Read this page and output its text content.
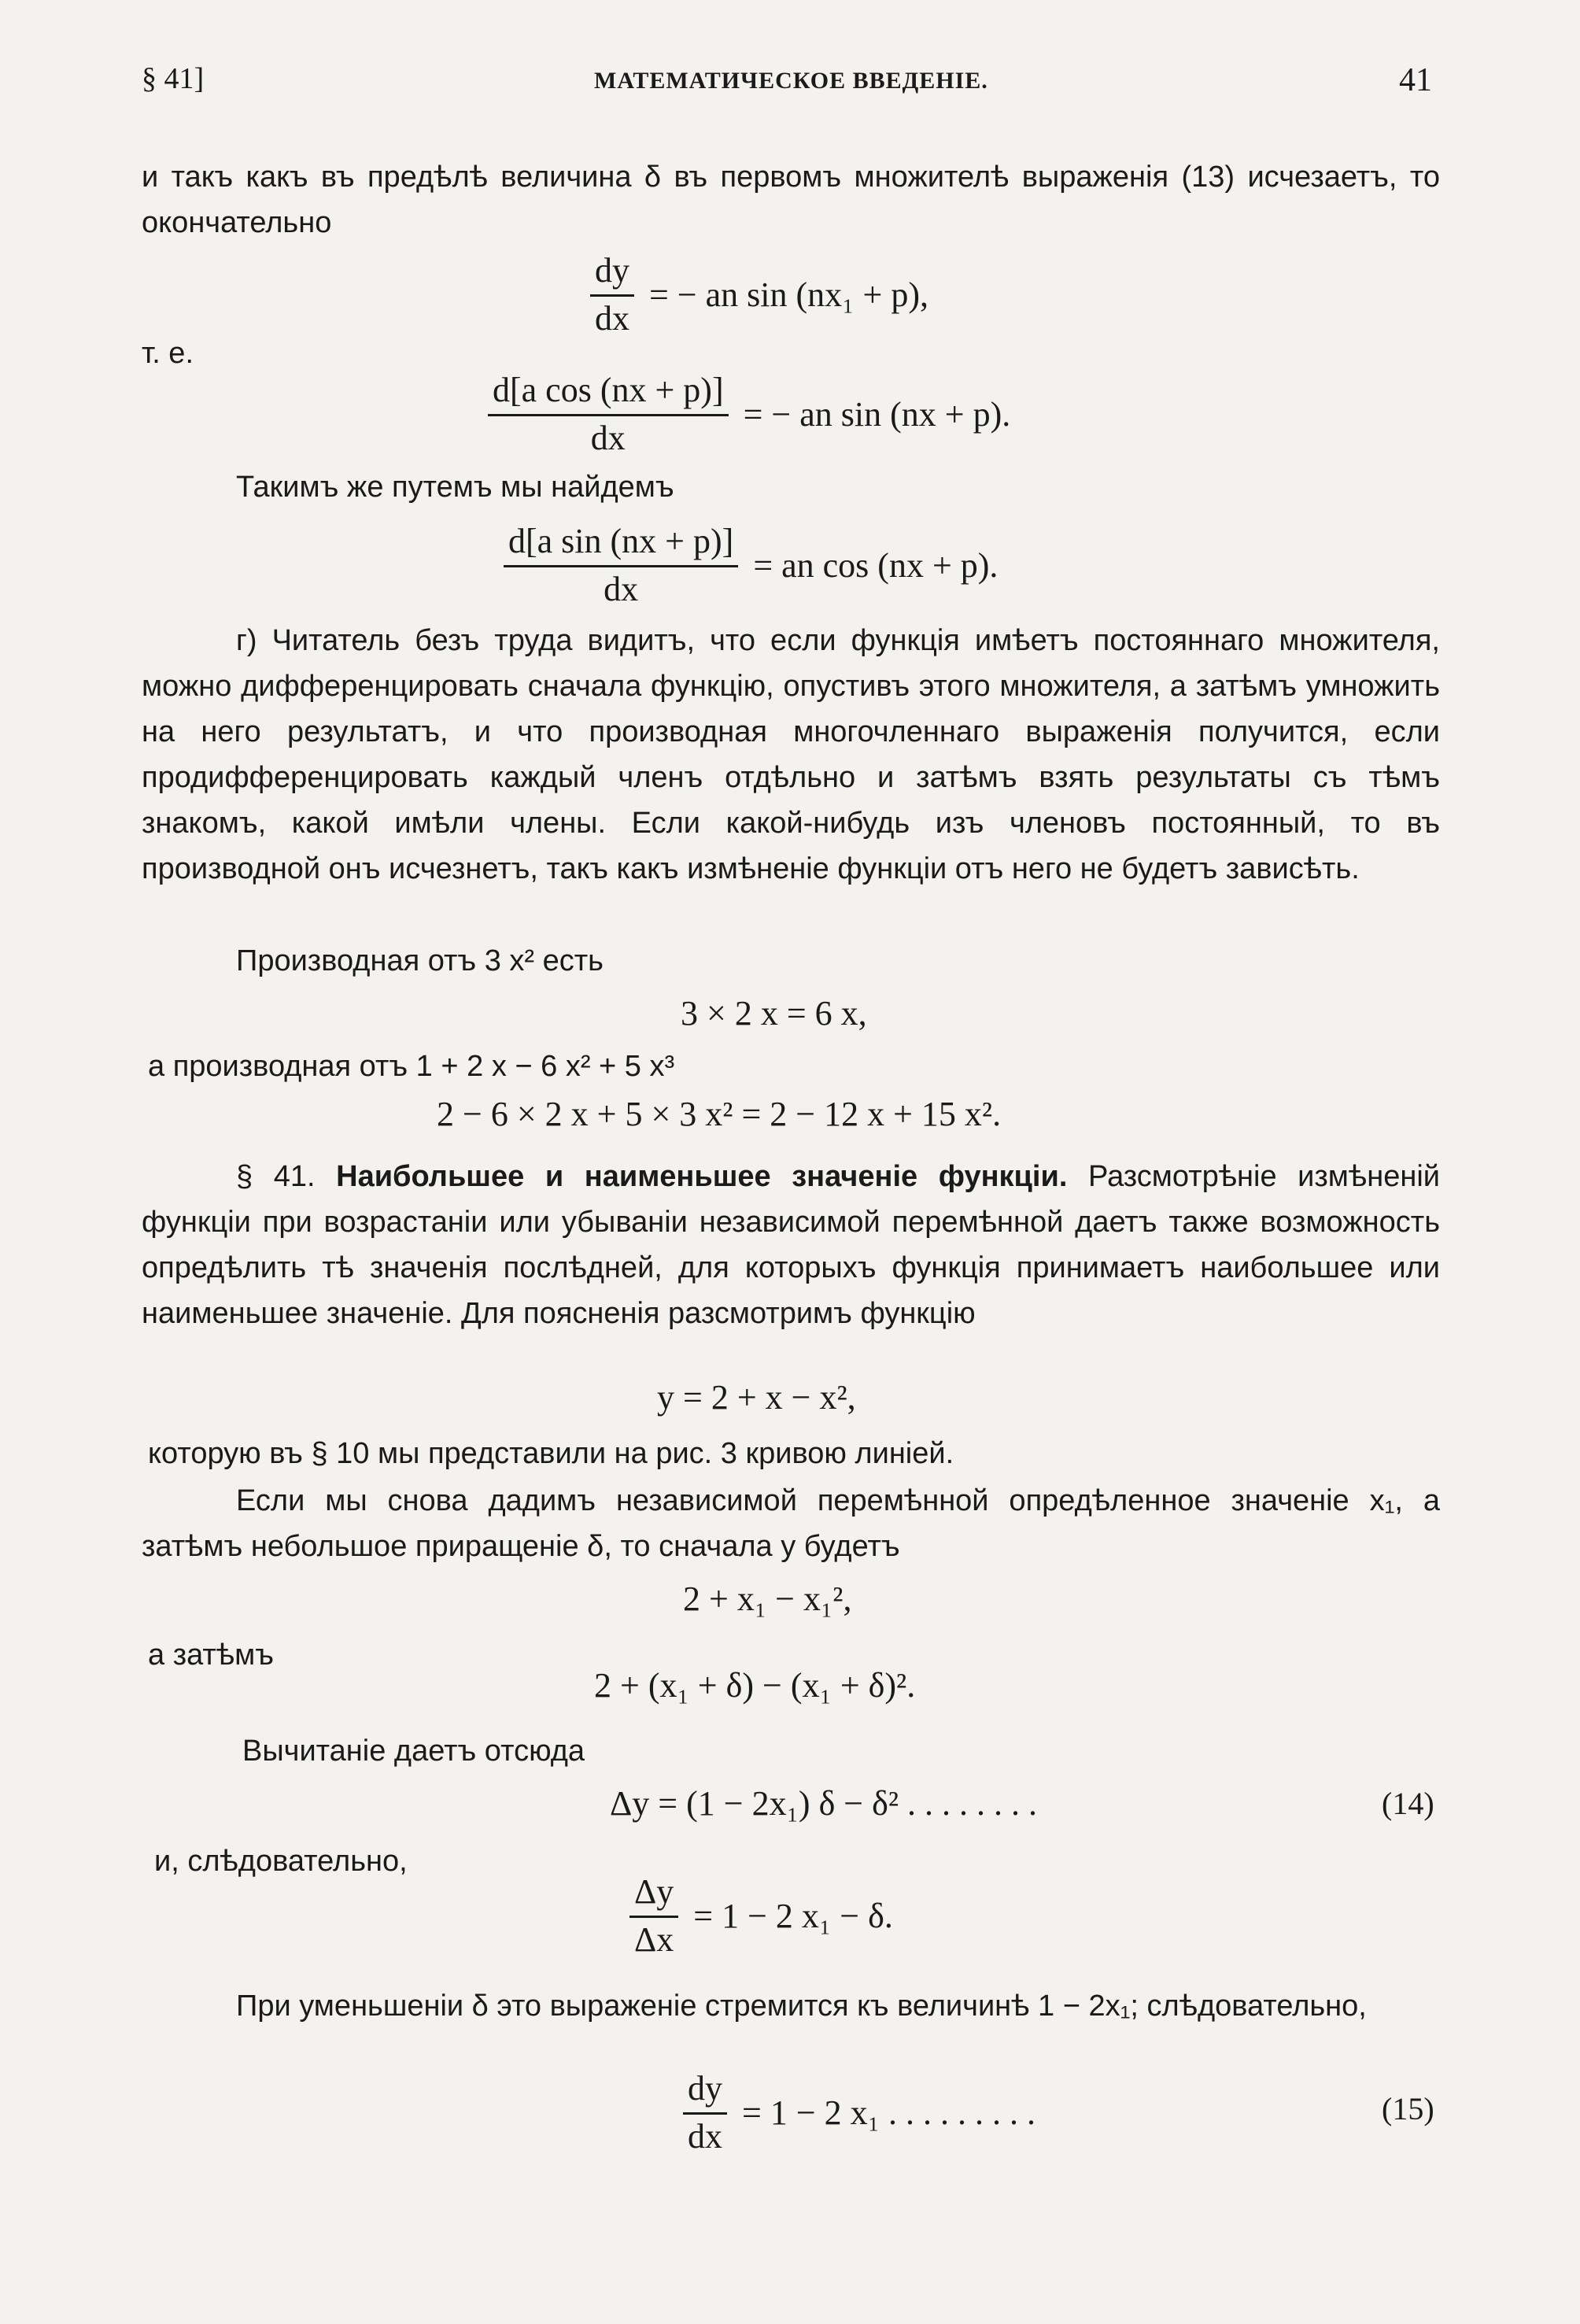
§ 41]	МАТЕМАТИЧЕСКОЕ ВВЕДЕНІЕ.	41
и такъ какъ въ предѣлѣ величина δ въ первомъ множителѣ выраженія (13) исчезаетъ, то окончательно
$\frac{dy}{dx}$ = − an sin (nx₁ + p),
т. е.
$\frac{\text{d[a cos (nx + p)]}}{dx}$ = − an sin (nx + p).
Такимъ же путемъ мы найдемъ
$\frac{\text{d[a sin (nx + p)]}}{dx}$ = an cos (nx + p).
г) Читатель безъ труда видитъ, что если функція имѣетъ постояннаго множителя, можно дифференцировать сначала функцію, опустивъ этого множителя, а затѣмъ умножить на него результатъ, и что производная многочленнаго выраженія получится, если продифференцировать каждый членъ отдѣльно и затѣмъ взять результаты съ тѣмъ знакомъ, какой имѣли члены. Если какой-нибудь изъ членовъ постоянный, то въ производной онъ исчезнетъ, такъ какъ измѣненіе функціи отъ него не будетъ зависѣть.
Производная отъ 3 x² есть
3 × 2 x = 6 x,
а производная отъ 1 + 2 x − 6 x² + 5 x³
2 − 6 × 2 x + 5 × 3 x² = 2 − 12 x + 15 x².
§ 41. Наибольшее и наименьшее значеніе функціи. Разсмотрѣніе измѣненій функціи при возрастаніи или убываніи независимой перемѣнной даетъ также возможность опредѣлить тѣ значенія послѣдней, для которыхъ функція принимаетъ наибольшее или наименьшее значеніе. Для поясненія разсмотримъ функцію
y = 2 + x − x²,
которую въ § 10 мы представили на рис. 3 кривою линіей.
Если мы снова дадимъ независимой перемѣнной опредѣленное значеніе x₁, а затѣмъ небольшое приращеніе δ, то сначала y будетъ
2 + x₁ − x₁²,
а затѣмъ
2 + (x₁ + δ) − (x₁ + δ)².
Вычитаніе даетъ отсюда
Δy = (1 − 2x₁) δ − δ² . . . . . . . .	(14)
и, слѣдовательно,
$\frac{\Delta y}{\Delta x} = 1 - 2$ x₁ − δ.
При уменьшеніи δ это выраженіе стремится къ величинѣ 1 − 2x₁; слѣдовательно,
$\frac{dy}{dx} = 1 - 2$ x₁ . . . . . . . . .	(15)
